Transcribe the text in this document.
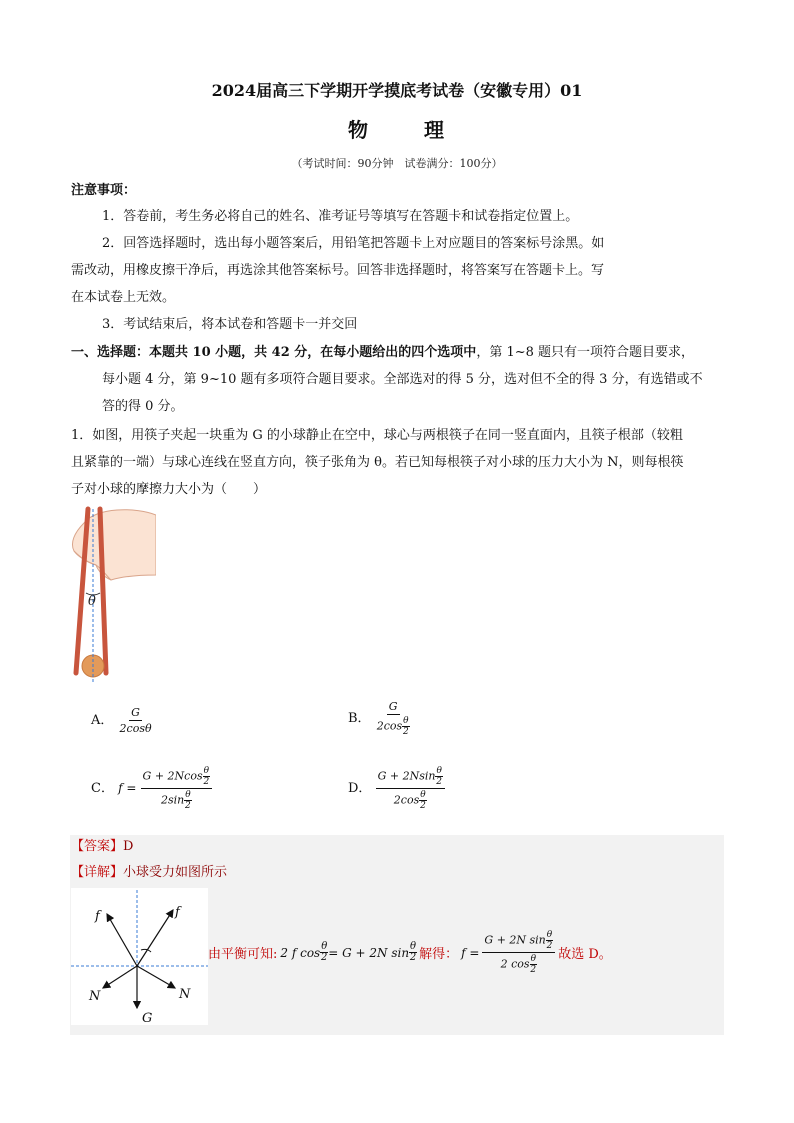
2024届高三下学期开学摸底考试卷（安徽专用）01
物	理
（考试时间：90分钟　试卷满分：100分）
注意事项：
1．答卷前，考生务必将自己的姓名、准考证号等填写在答题卡和试卷指定位置上。
2．回答选择题时，选出每小题答案后，用铅笔把答题卡上对应题目的答案标号涂黑。如
需改动，用橡皮擦干净后，再选涂其他答案标号。回答非选择题时，将答案写在答题卡上。写
在本试卷上无效。
3．考试结束后，将本试卷和答题卡一并交回
一、选择题：本题共 10 小题，共 42 分，在每小题给出的四个选项中，第 1~8 题只有一项符合题目要求，
每小题 4 分，第 9~10 题有多项符合题目要求。全部选对的得 5 分，选对但不全的得 3 分，有选错或不
答的得 0 分。
1．如图，用筷子夹起一块重为 G 的小球静止在空中，球心与两根筷子在同一竖直面内，且筷子根部（较粗
且紧靠的一端）与球心连线在竖直方向，筷子张角为 θ。若已知每根筷子对小球的压力大小为 N，则每根筷
子对小球的摩擦力大小为（　　）
θ
A． $\frac{G}{2\cos\theta}$	B． $\frac{G}{2\cos \frac{\theta}{2}}$
C． $f = \frac{G + 2Ncos \frac{\theta}{2}}{2\sin \frac{\theta}{2}}$	D． $\frac{G + 2Nsin \frac{\theta}{2}}{2\cos \frac{\theta}{2}}$
【答案】D
【详解】小球受力如图所示
f	f
N	N
G
由平衡可知: 2 f $\cos \frac{\theta}{2} = G + 2N$ $\sin \frac{\theta}{2}$ 解得： $f = \frac{G + 2N \sin \frac{\theta}{2}}{2 \cos \frac{\theta}{2}}$ 故选 D。
